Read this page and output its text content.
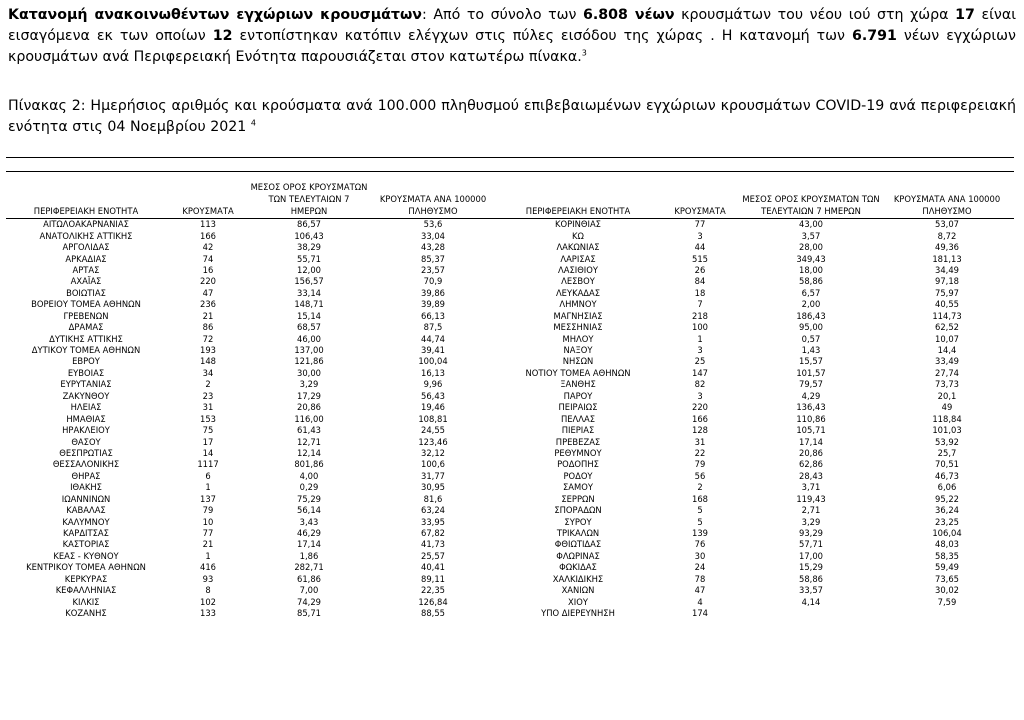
Κατανομή ανακοινωθέντων εγχώριων κρουσμάτων: Από το σύνολο των 6.808 νέων κρουσμάτων του νέου ιού στη χώρα 17 είναι εισαγόμενα εκ των οποίων 12 εντοπίστηκαν κατόπιν ελέγχων στις πύλες εισόδου της χώρας . Η κατανομή των 6.791 νέων εγχώριων κρουσμάτων ανά Περιφερειακή Ενότητα παρουσιάζεται στον κατωτέρω πίνακα.$^3$

Πίνακας 2: Ημερήσιος αριθμός και κρούσματα ανά 100.000 πληθυσμού επιβεβαιωμένων εγχώριων κρουσμάτων COVID-19 ανά περιφερειακή ενότητα στις 04 Νοεμβρίου 2021 $^4$

ΠΕΡΙΦΕΡΕΙΑΚΗ ΕΝΟΤΗΤΑ	ΚΡΟΥΣΜΑΤΑ	ΜΕΣΟΣ ΟΡΟΣ ΚΡΟΥΣΜΑΤΩΝ ΤΩΝ ΤΕΛΕΥΤΑΙΩΝ 7 ΗΜΕΡΩΝ	ΚΡΟΥΣΜΑΤΑ ΑΝΑ 100000 ΠΛΗΘΥΣΜΟ	ΠΕΡΙΦΕΡΕΙΑΚΗ ΕΝΟΤΗΤΑ	ΚΡΟΥΣΜΑΤΑ	ΜΕΣΟΣ ΟΡΟΣ ΚΡΟΥΣΜΑΤΩΝ ΤΩΝ ΤΕΛΕΥΤΑΙΩΝ 7 ΗΜΕΡΩΝ	ΚΡΟΥΣΜΑΤΑ ΑΝΑ 100000 ΠΛΗΘΥΣΜΟ
ΑΙΤΩΛΟΑΚΑΡΝΑΝΙΑΣ	113	86,57	53,6	ΚΟΡΙΝΘΙΑΣ	77	43,00	53,07
ΑΝΑΤΟΛΙΚΗΣ ΑΤΤΙΚΗΣ	166	106,43	33,04	ΚΩ	3	3,57	8,72
ΑΡΓΟΛΙΔΑΣ	42	38,29	43,28	ΛΑΚΩΝΙΑΣ	44	28,00	49,36
ΑΡΚΑΔΙΑΣ	74	55,71	85,37	ΛΑΡΙΣΑΣ	515	349,43	181,13
ΑΡΤΑΣ	16	12,00	23,57	ΛΑΣΙΘΙΟΥ	26	18,00	34,49
ΑΧΑΪΑΣ	220	156,57	70,9	ΛΕΣΒΟΥ	84	58,86	97,18
ΒΟΙΩΤΙΑΣ	47	33,14	39,86	ΛΕΥΚΑΔΑΣ	18	6,57	75,97
ΒΟΡΕΙΟΥ ΤΟΜΕΑ ΑΘΗΝΩΝ	236	148,71	39,89	ΛΗΜΝΟΥ	7	2,00	40,55
ΓΡΕΒΕΝΩΝ	21	15,14	66,13	ΜΑΓΝΗΣΙΑΣ	218	186,43	114,73
ΔΡΑΜΑΣ	86	68,57	87,5	ΜΕΣΣΗΝΙΑΣ	100	95,00	62,52
ΔΥΤΙΚΗΣ ΑΤΤΙΚΗΣ	72	46,00	44,74	ΜΗΛΟΥ	1	0,57	10,07
ΔΥΤΙΚΟΥ ΤΟΜΕΑ ΑΘΗΝΩΝ	193	137,00	39,41	ΝΑΞΟΥ	3	1,43	14,4
ΕΒΡΟΥ	148	121,86	100,04	ΝΗΣΩΝ	25	15,57	33,49
ΕΥΒΟΙΑΣ	34	30,00	16,13	ΝΟΤΙΟΥ ΤΟΜΕΑ ΑΘΗΝΩΝ	147	101,57	27,74
ΕΥΡΥΤΑΝΙΑΣ	2	3,29	9,96	ΞΑΝΘΗΣ	82	79,57	73,73
ΖΑΚΥΝΘΟΥ	23	17,29	56,43	ΠΑΡΟΥ	3	4,29	20,1
ΗΛΕΙΑΣ	31	20,86	19,46	ΠΕΙΡΑΙΩΣ	220	136,43	49
ΗΜΑΘΙΑΣ	153	116,00	108,81	ΠΕΛΛΑΣ	166	110,86	118,84
ΗΡΑΚΛΕΙΟΥ	75	61,43	24,55	ΠΙΕΡΙΑΣ	128	105,71	101,03
ΘΑΣΟΥ	17	12,71	123,46	ΠΡΕΒΕΖΑΣ	31	17,14	53,92
ΘΕΣΠΡΩΤΙΑΣ	14	12,14	32,12	ΡΕΘΥΜΝΟΥ	22	20,86	25,7
ΘΕΣΣΑΛΟΝΙΚΗΣ	1117	801,86	100,6	ΡΟΔΟΠΗΣ	79	62,86	70,51
ΘΗΡΑΣ	6	4,00	31,77	ΡΟΔΟΥ	56	28,43	46,73
ΙΘΑΚΗΣ	1	0,29	30,95	ΣΑΜΟΥ	2	3,71	6,06
ΙΩΑΝΝΙΝΩΝ	137	75,29	81,6	ΣΕΡΡΩΝ	168	119,43	95,22
ΚΑΒΑΛΑΣ	79	56,14	63,24	ΣΠΟΡΑΔΩΝ	5	2,71	36,24
ΚΑΛΥΜΝΟΥ	10	3,43	33,95	ΣΥΡΟΥ	5	3,29	23,25
ΚΑΡΔΙΤΣΑΣ	77	46,29	67,82	ΤΡΙΚΑΛΩΝ	139	93,29	106,04
ΚΑΣΤΟΡΙΑΣ	21	17,14	41,73	ΦΘΙΩΤΙΔΑΣ	76	57,71	48,03
ΚΕΑΣ - ΚΥΘΝΟΥ	1	1,86	25,57	ΦΛΩΡΙΝΑΣ	30	17,00	58,35
ΚΕΝΤΡΙΚΟΥ ΤΟΜΕΑ ΑΘΗΝΩΝ	416	282,71	40,41	ΦΩΚΙΔΑΣ	24	15,29	59,49
ΚΕΡΚΥΡΑΣ	93	61,86	89,11	ΧΑΛΚΙΔΙΚΗΣ	78	58,86	73,65
ΚΕΦΑΛΛΗΝΙΑΣ	8	7,00	22,35	ΧΑΝΙΩΝ	47	33,57	30,02
ΚΙΛΚΙΣ	102	74,29	126,84	ΧΙΟΥ	4	4,14	7,59
ΚΟΖΑΝΗΣ	133	85,71	88,55	ΥΠΟ ΔΙΕΡΕΥΝΗΣΗ	174		
